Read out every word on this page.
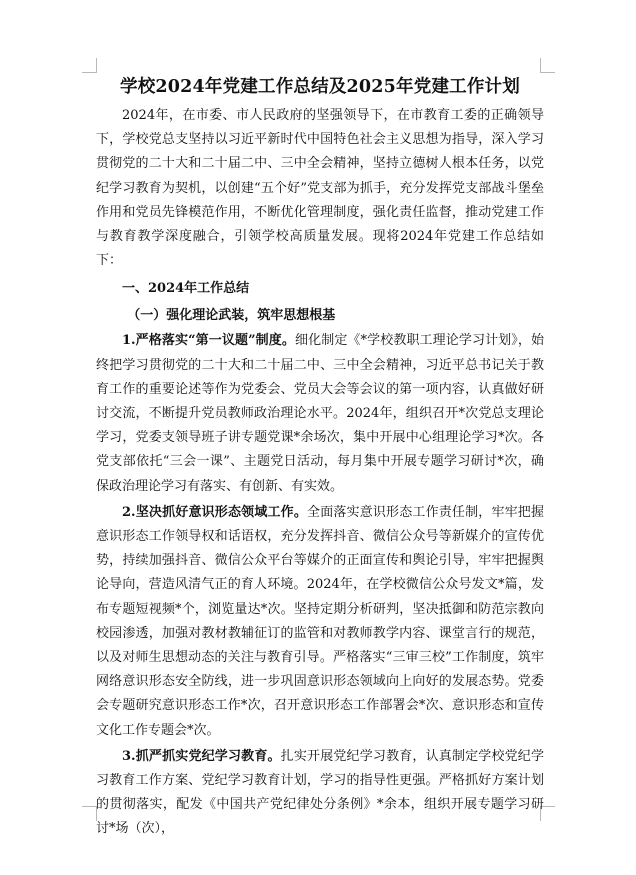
学校2024年党建工作总结及2025年党建工作计划

2024年，在市委、市人民政府的坚强领导下，在市教育工委的正确领导下，学校党总支坚持以习近平新时代中国特色社会主义思想为指导，深入学习贯彻党的二十大和二十届二中、三中全会精神，坚持立德树人根本任务，以党纪学习教育为契机，以创建“五个好”党支部为抓手，充分发挥党支部战斗堡垒作用和党员先锋模范作用，不断优化管理制度，强化责任监督，推动党建工作与教育教学深度融合，引领学校高质量发展。现将2024年党建工作总结如下：

一、2024年工作总结

（一）强化理论武装，筑牢思想根基

1.严格落实“第一议题”制度。细化制定《*学校教职工理论学习计划》，始终把学习贯彻党的二十大和二十届二中、三中全会精神，习近平总书记关于教育工作的重要论述等作为党委会、党员大会等会议的第一项内容，认真做好研讨交流，不断提升党员教师政治理论水平。2024年，组织召开*次党总支理论学习，党委支领导班子讲专题党课*余场次，集中开展中心组理论学习*次。各党支部依托“三会一课”、主题党日活动，每月集中开展专题学习研讨*次，确保政治理论学习有落实、有创新、有实效。

2.坚决抓好意识形态领域工作。全面落实意识形态工作责任制，牢牢把握意识形态工作领导权和话语权，充分发挥抖音、微信公众号等新媒介的宣传优势，持续加强抖音、微信公众平台等媒介的正面宣传和舆论引导，牢牢把握舆论导向，营造风清气正的育人环境。2024年，在学校微信公众号发文*篇，发布专题短视频*个，浏览量达*次。坚持定期分析研判，坚决抵御和防范宗教向校园渗透，加强对教材教辅征订的监管和对教师教学内容、课堂言行的规范，以及对师生思想动态的关注与教育引导。严格落实“三审三校”工作制度，筑牢网络意识形态安全防线，进一步巩固意识形态领域向上向好的发展态势。党委会专题研究意识形态工作*次，召开意识形态工作部署会*次、意识形态和宣传文化工作专题会*次。

3.抓严抓实党纪学习教育。扎实开展党纪学习教育，认真制定学校党纪学习教育工作方案、党纪学习教育计划，学习的指导性更强。严格抓好方案计划的贯彻落实，配发《中国共产党纪律处分条例》*余本，组织开展专题学习研讨*场（次），
